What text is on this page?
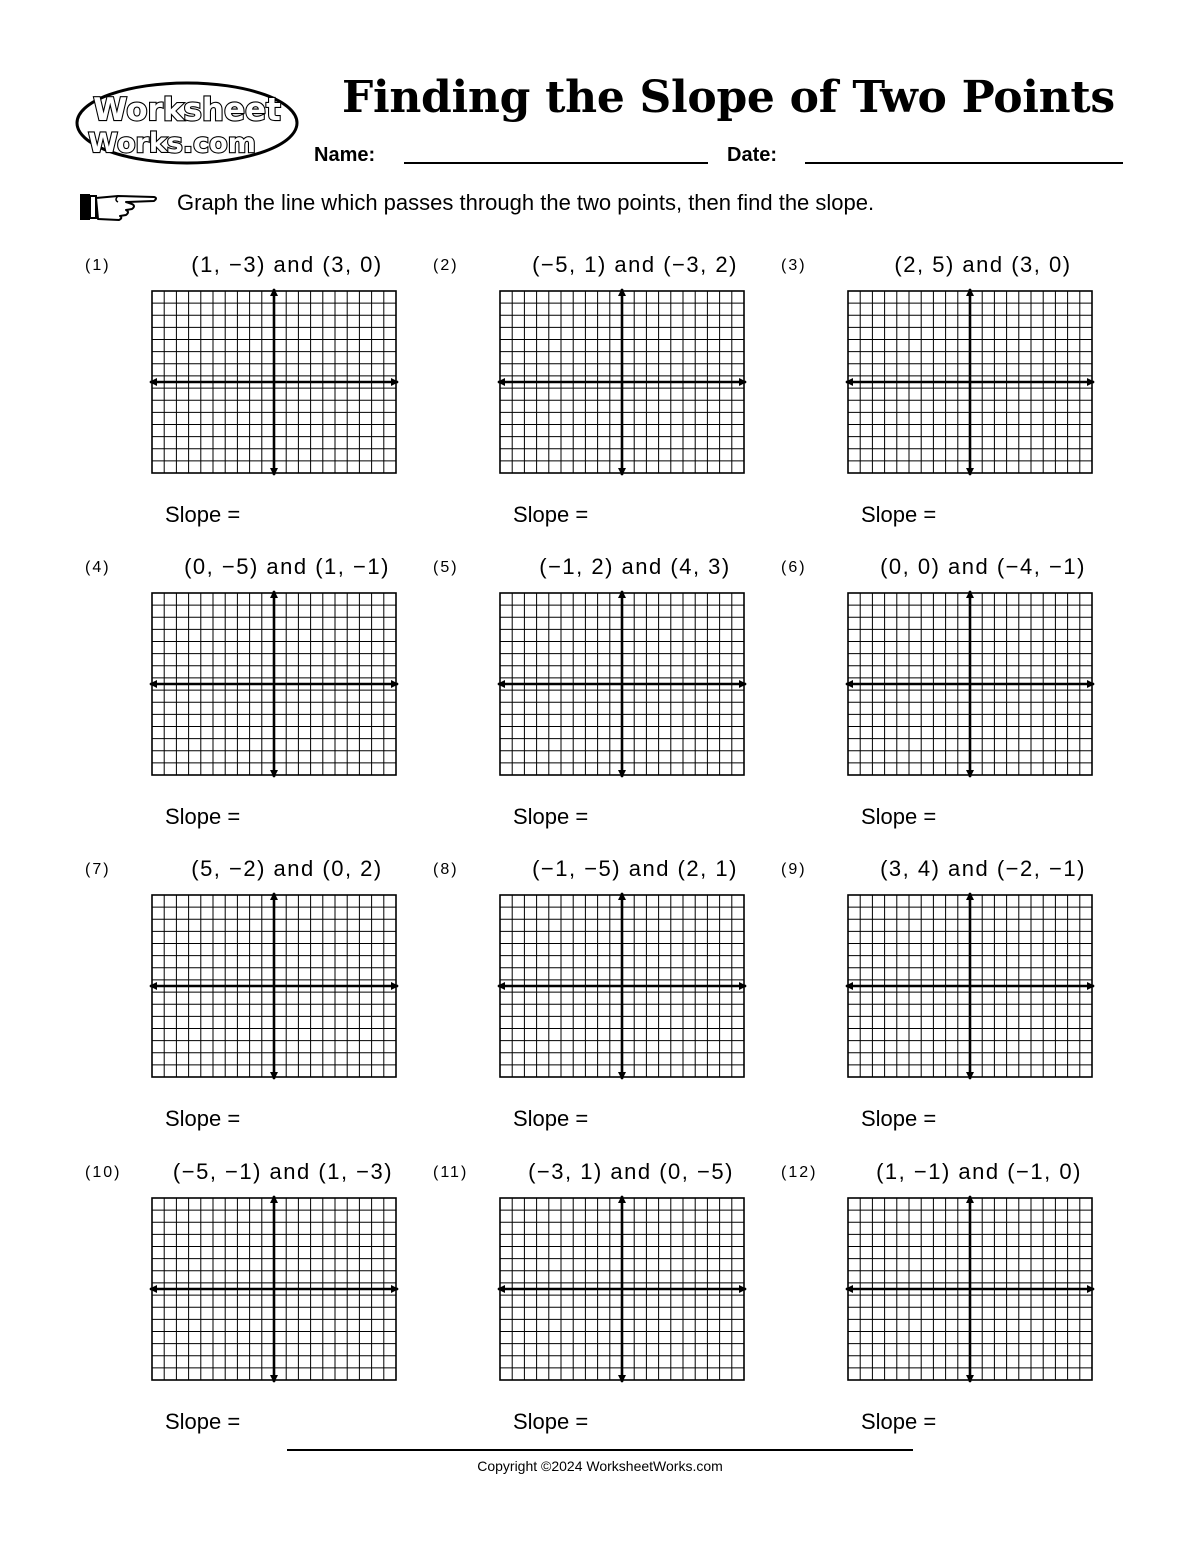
Worksheet
Works.com
Finding the Slope of Two Points
Name:	Date:
Graph the line which passes through the two points, then find the slope.
(1)	(1, −3) and (3, 0)
Slope =
(2)	(−5, 1) and (−3, 2)
Slope =
(3)	(2, 5) and (3, 0)
Slope =
(4)	(0, −5) and (1, −1)
Slope =
(5)	(−1, 2) and (4, 3)
Slope =
(6)	(0, 0) and (−4, −1)
Slope =
(7)	(5, −2) and (0, 2)
Slope =
(8)	(−1, −5) and (2, 1)
Slope =
(9)	(3, 4) and (−2, −1)
Slope =
(10)	(−5, −1) and (1, −3)
Slope =
(11)	(−3, 1) and (0, −5)
Slope =
(12)	(1, −1) and (−1, 0)
Slope =
Copyright ©2024 WorksheetWorks.com
